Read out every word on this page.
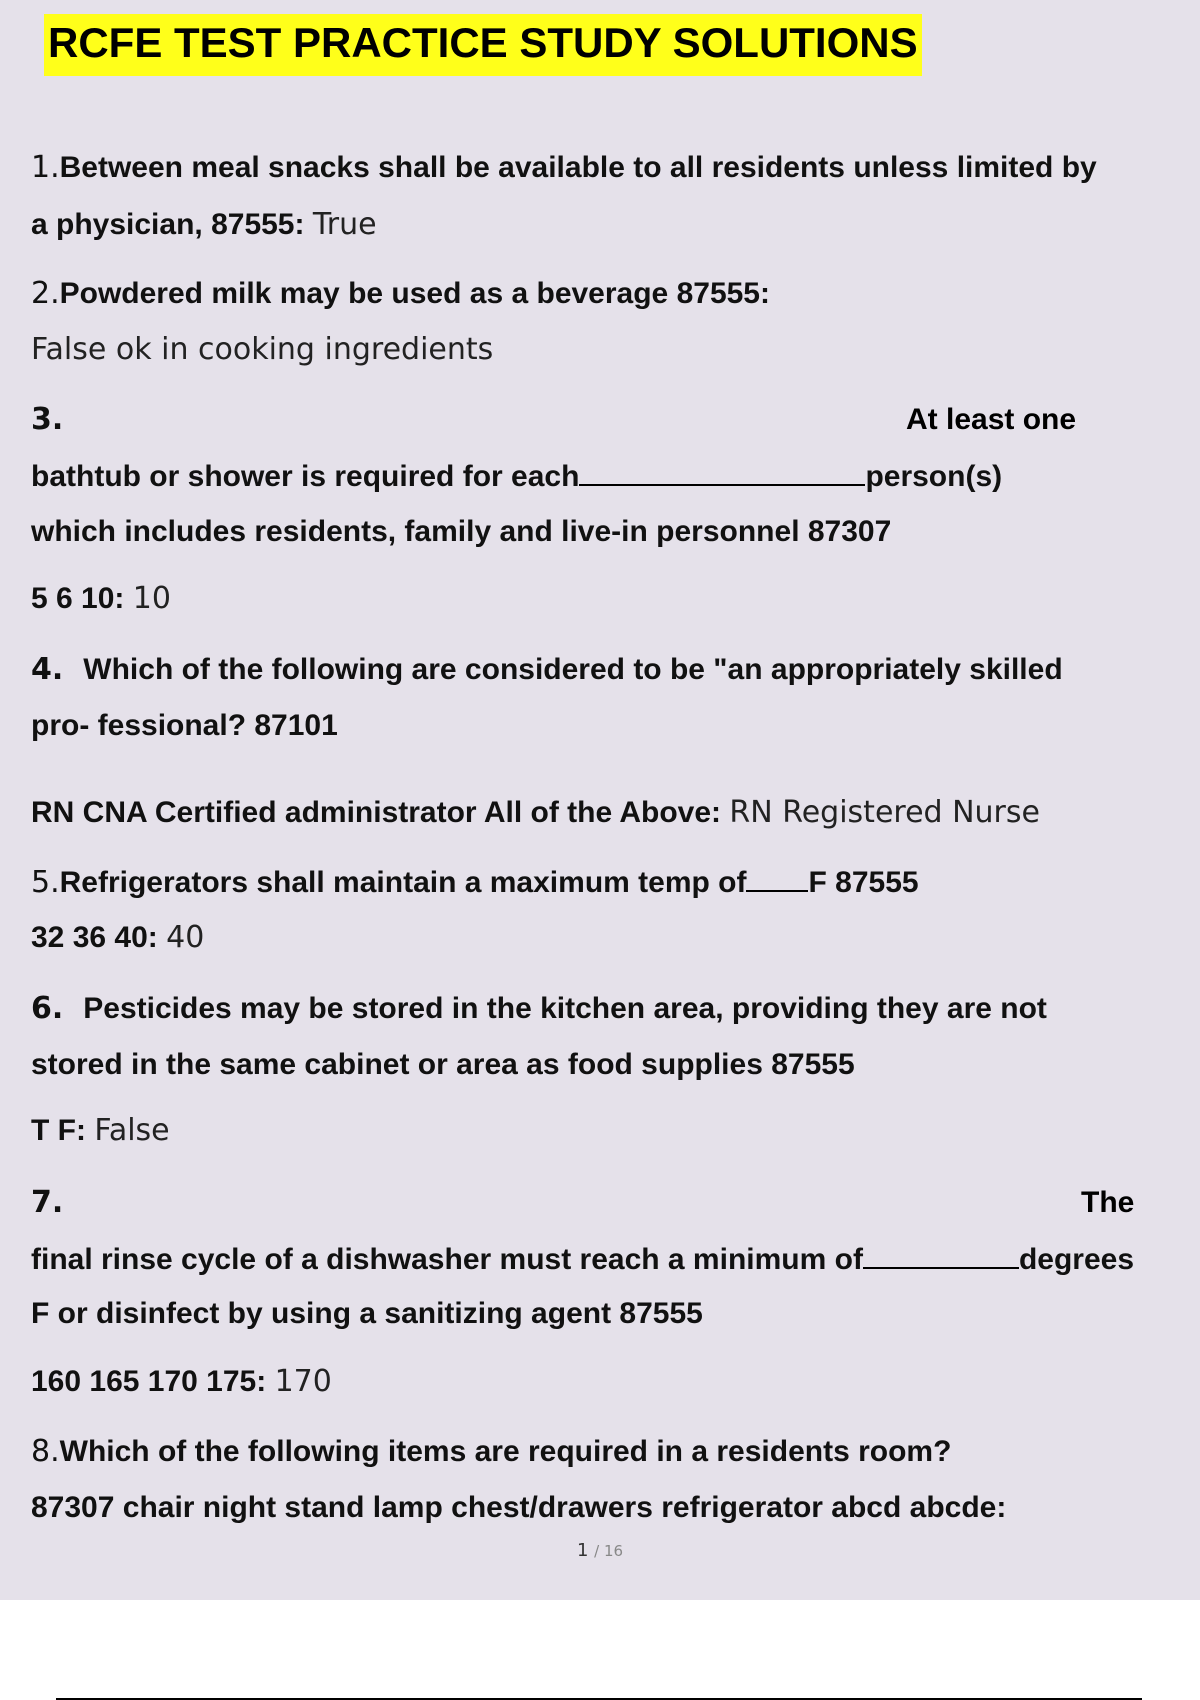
RCFE TEST PRACTICE STUDY SOLUTIONS
1.Between meal snacks shall be available to all residents unless limited by
a physician, 87555: True
2.Powdered milk may be used as a beverage 87555:
False ok in cooking ingredients
3.	At least one
bathtub or shower is required for each	person(s)
which includes residents, family and live-in personnel 87307
5 6 10: 10
4. Which of the following are considered to be "an appropriately skilled
pro- fessional? 87101
RN CNA Certified administrator All of the Above: RN Registered Nurse
5.Refrigerators shall maintain a maximum temp of F 87555
32 36 40: 40
6. Pesticides may be stored in the kitchen area, providing they are not
stored in the same cabinet or area as food supplies 87555
T F: False
7.	The
final rinse cycle of a dishwasher must reach a minimum of	degrees
F or disinfect by using a sanitizing agent 87555
160 165 170 175: 170
8.Which of the following items are required in a residents room?
87307 chair night stand lamp chest/drawers refrigerator abcd abcde:
1 / 16
